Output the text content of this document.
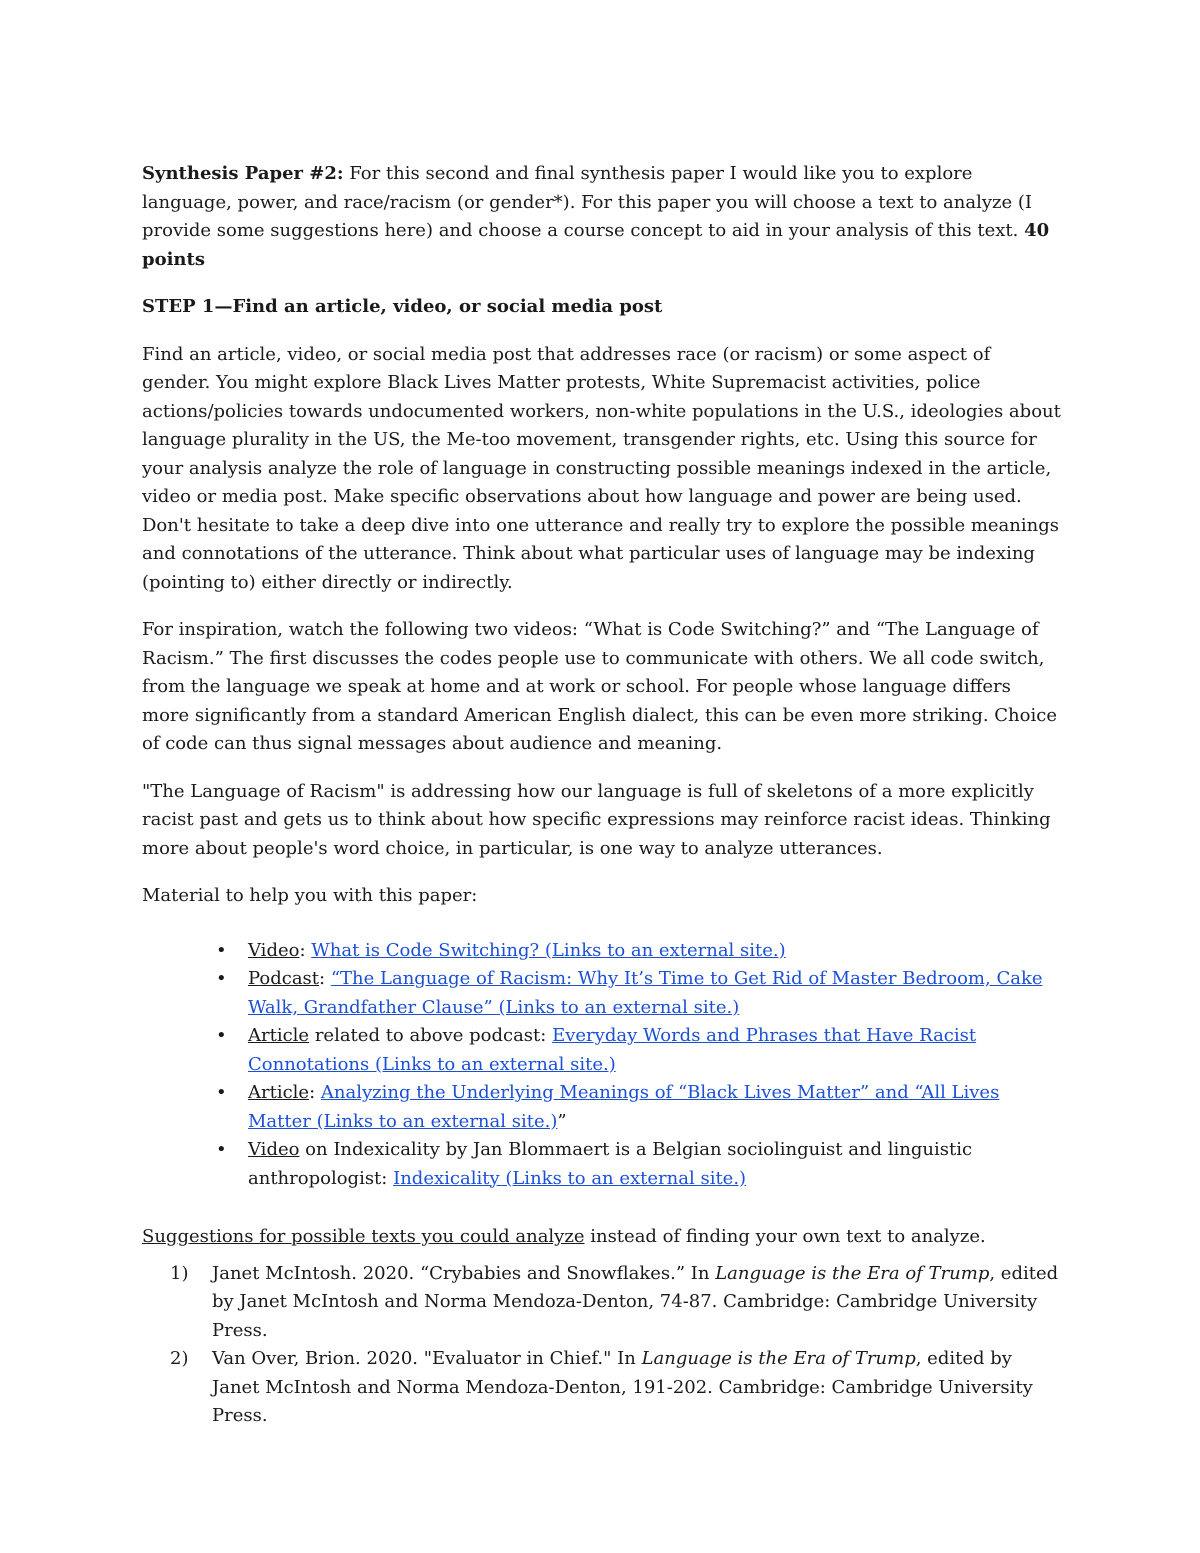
Synthesis Paper #2: For this second and final synthesis paper I would like you to explore language, power, and race/racism (or gender*). For this paper you will choose a text to analyze (I provide some suggestions here) and choose a course concept to aid in your analysis of this text. 40 points

STEP 1—Find an article, video, or social media post

Find an article, video, or social media post that addresses race (or racism) or some aspect of gender. You might explore Black Lives Matter protests, White Supremacist activities, police actions/policies towards undocumented workers, non-white populations in the U.S., ideologies about language plurality in the US, the Me-too movement, transgender rights, etc. Using this source for your analysis analyze the role of language in constructing possible meanings indexed in the article, video or media post. Make specific observations about how language and power are being used. Don't hesitate to take a deep dive into one utterance and really try to explore the possible meanings and connotations of the utterance. Think about what particular uses of language may be indexing (pointing to) either directly or indirectly.

For inspiration, watch the following two videos: “What is Code Switching?” and “The Language of Racism.” The first discusses the codes people use to communicate with others. We all code switch, from the language we speak at home and at work or school. For people whose language differs more significantly from a standard American English dialect, this can be even more striking. Choice of code can thus signal messages about audience and meaning.

"The Language of Racism" is addressing how our language is full of skeletons of a more explicitly racist past and gets us to think about how specific expressions may reinforce racist ideas. Thinking more about people's word choice, in particular, is one way to analyze utterances.

Material to help you with this paper:

• Video: What is Code Switching? (Links to an external site.)
• Podcast: “The Language of Racism: Why It’s Time to Get Rid of Master Bedroom, Cake Walk, Grandfather Clause” (Links to an external site.)
• Article related to above podcast: Everyday Words and Phrases that Have Racist Connotations (Links to an external site.)
• Article: Analyzing the Underlying Meanings of “Black Lives Matter” and “All Lives Matter (Links to an external site.)”
• Video on Indexicality by Jan Blommaert is a Belgian sociolinguist and linguistic anthropologist: Indexicality (Links to an external site.)

Suggestions for possible texts you could analyze instead of finding your own text to analyze.

1) Janet McIntosh. 2020. “Crybabies and Snowflakes.” In Language is the Era of Trump, edited by Janet McIntosh and Norma Mendoza-Denton, 74-87. Cambridge: Cambridge University Press.
2) Van Over, Brion. 2020. "Evaluator in Chief." In Language is the Era of Trump, edited by Janet McIntosh and Norma Mendoza-Denton, 191-202. Cambridge: Cambridge University Press.
